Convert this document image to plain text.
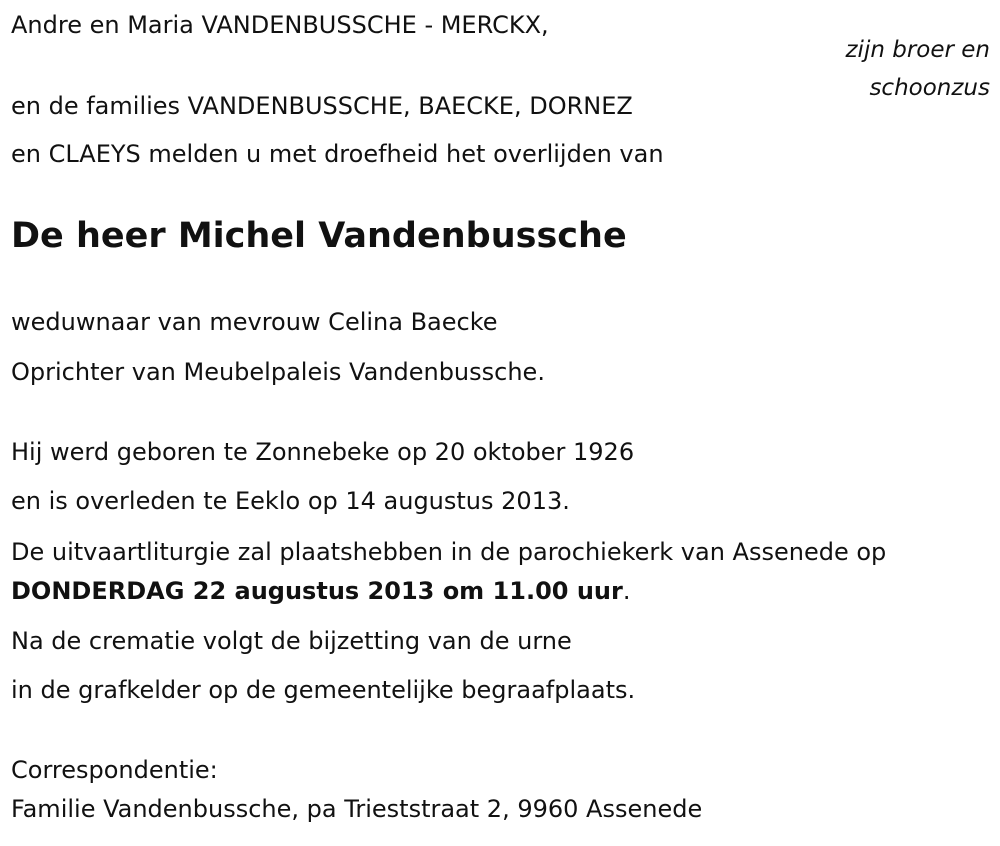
Andre en Maria VANDENBUSSCHE - MERCKX,
zijn broer en
schoonzus
en de families VANDENBUSSCHE, BAECKE, DORNEZ
en CLAEYS melden u met droefheid het overlijden van
De heer Michel Vandenbussche
weduwnaar van mevrouw Celina Baecke
Oprichter van Meubelpaleis Vandenbussche.
Hij werd geboren te Zonnebeke op 20 oktober 1926
en is overleden te Eeklo op 14 augustus 2013.
De uitvaartliturgie zal plaatshebben in de parochiekerk van Assenede op
DONDERDAG 22 augustus 2013 om 11.00 uur.
Na de crematie volgt de bijzetting van de urne
in de grafkelder op de gemeentelijke begraafplaats.
Correspondentie:
Familie Vandenbussche, pa Trieststraat 2, 9960 Assenede
